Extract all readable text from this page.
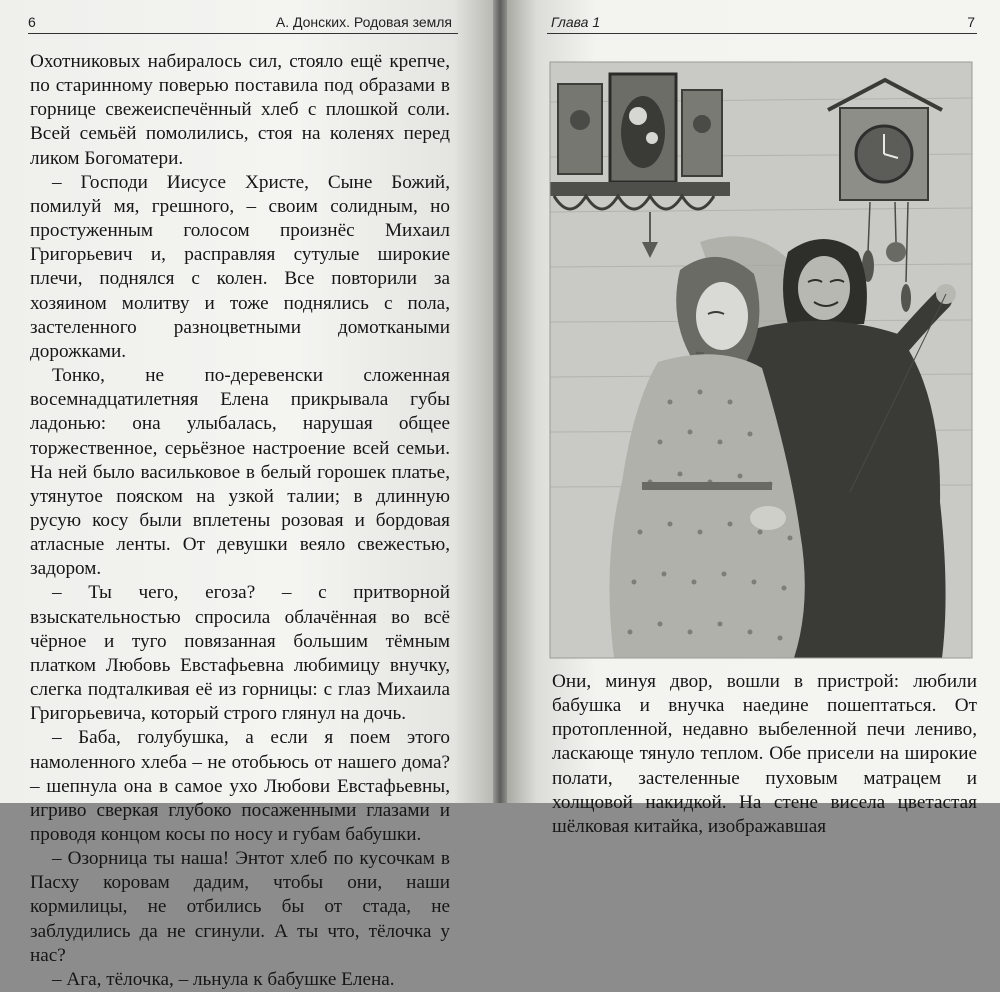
6	А. Донских. Родовая земля

Охотниковых набиралось сил, стояло ещё крепче, по старинному поверью поставила под образами в горнице свежеиспечённый хлеб с плошкой соли. Всей семьёй помолились, стоя на коленях перед ликом Богоматери.

– Господи Иисусе Христе, Сыне Божий, помилуй мя, грешного, – своим солидным, но простуженным голосом произнёс Михаил Григорьевич и, расправляя сутулые широкие плечи, поднялся с колен. Все повторили за хозяином молитву и тоже поднялись с пола, застеленного разноцветными домоткаными дорожками.

Тонко, не по-деревенски сложенная восемнадцатилетняя Елена прикрывала губы ладонью: она улыбалась, нарушая общее торжественное, серьёзное настроение всей семьи. На ней было васильковое в белый горошек платье, утянутое пояском на узкой талии; в длинную русую косу были вплетены розовая и бордовая атласные ленты. От девушки веяло свежестью, задором.

– Ты чего, егоза? – с притворной взыскательностью спросила облачённая во всё чёрное и туго повязанная большим тёмным платком Любовь Евстафьевна любимицу внучку, слегка подталкивая её из горницы: с глаз Михаила Григорьевича, который строго глянул на дочь.

– Баба, голубушка, а если я поем этого намоленного хлеба – не отобьюсь от нашего дома? – шепнула она в самое ухо Любови Евстафьевны, игриво сверкая глубоко посаженными глазами и проводя концом косы по носу и губам бабушки.

– Озорница ты наша! Энтот хлеб по кусочкам в Пасху коровам дадим, чтобы они, наши кормилицы, не отбились бы от стада, не заблудились да не сгинули. А ты что, тёлочка у нас?

– Ага, тёлочка, – льнула к бабушке Елена.

Глава 1	7

Они, минуя двор, вошли в пристрой: любили бабушка и внучка наедине пошептаться. От протопленной, недавно выбеленной печи лениво, ласкающе тянуло теплом. Обе присели на широкие полати, застеленные пуховым матрацем и холщовой накидкой. На стене висела цветастая шёлковая китайка, изображавшая
